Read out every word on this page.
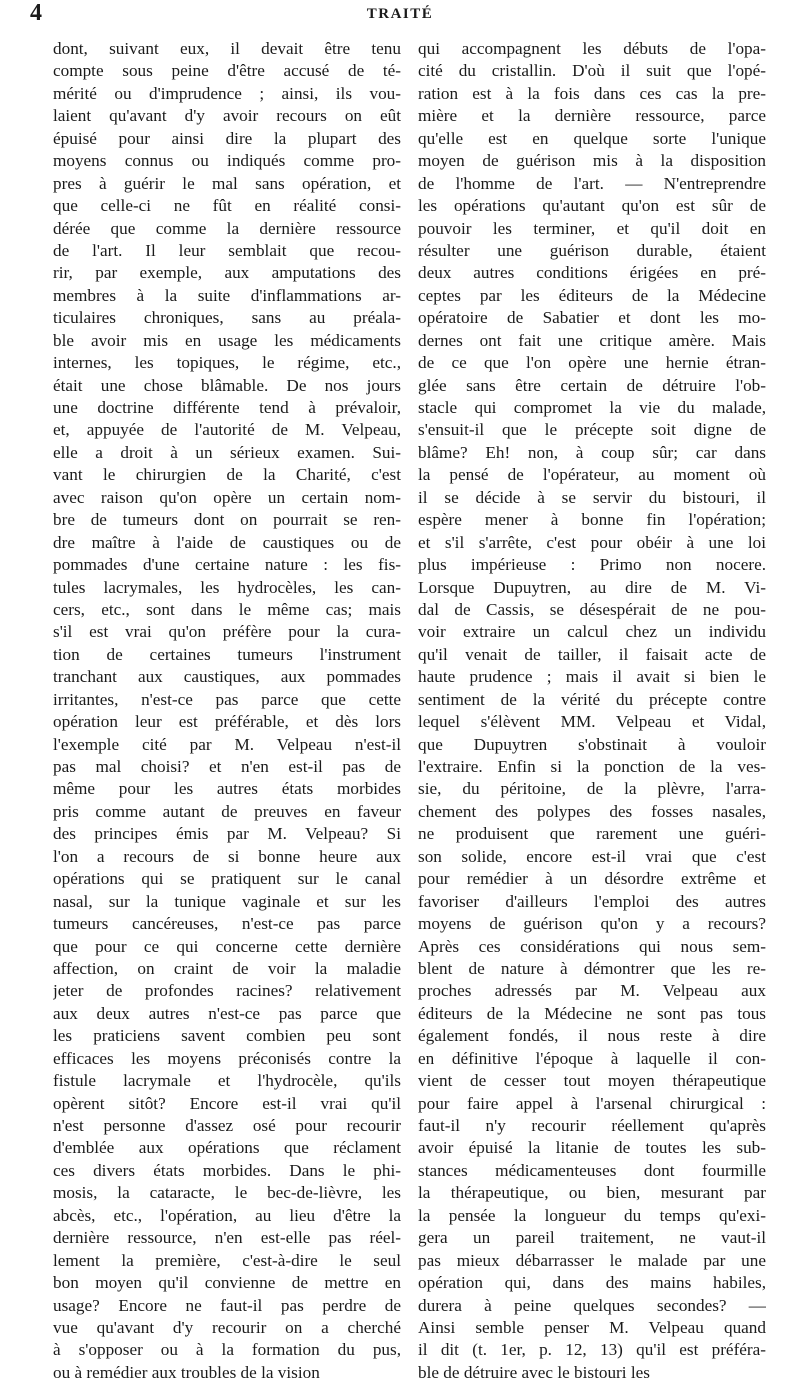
4	TRAITÉ
dont, suivant eux, il devait être tenu
compte sous peine d'être accusé de té-
mérité ou d'imprudence ; ainsi, ils vou-
laient qu'avant d'y avoir recours on eût
épuisé pour ainsi dire la plupart des
moyens connus ou indiqués comme pro-
pres à guérir le mal sans opération, et
que celle-ci ne fût en réalité consi-
dérée que comme la dernière ressource
de l'art. Il leur semblait que recou-
rir, par exemple, aux amputations des
membres à la suite d'inflammations ar-
ticulaires chroniques, sans au préala-
ble avoir mis en usage les médicaments
internes, les topiques, le régime, etc.,
était une chose blâmable. De nos jours
une doctrine différente tend à prévaloir,
et, appuyée de l'autorité de M. Velpeau,
elle a droit à un sérieux examen. Sui-
vant le chirurgien de la Charité, c'est
avec raison qu'on opère un certain nom-
bre de tumeurs dont on pourrait se ren-
dre maître à l'aide de caustiques ou de
pommades d'une certaine nature : les fis-
tules lacrymales, les hydrocèles, les can-
cers, etc., sont dans le même cas; mais
s'il est vrai qu'on préfère pour la cura-
tion de certaines tumeurs l'instrument
tranchant aux caustiques, aux pommades
irritantes, n'est-ce pas parce que cette
opération leur est préférable, et dès lors
l'exemple cité par M. Velpeau n'est-il
pas mal choisi? et n'en est-il pas de
même pour les autres états morbides
pris comme autant de preuves en faveur
des principes émis par M. Velpeau? Si
l'on a recours de si bonne heure aux
opérations qui se pratiquent sur le canal
nasal, sur la tunique vaginale et sur les
tumeurs cancéreuses, n'est-ce pas parce
que pour ce qui concerne cette dernière
affection, on craint de voir la maladie
jeter de profondes racines? relativement
aux deux autres n'est-ce pas parce que
les praticiens savent combien peu sont
efficaces les moyens préconisés contre la
fistule lacrymale et l'hydrocèle, qu'ils
opèrent sitôt? Encore est-il vrai qu'il
n'est personne d'assez osé pour recourir
d'emblée aux opérations que réclament
ces divers états morbides. Dans le phi-
mosis, la cataracte, le bec-de-lièvre, les
abcès, etc., l'opération, au lieu d'être la
dernière ressource, n'en est-elle pas réel-
lement la première, c'est-à-dire le seul
bon moyen qu'il convienne de mettre en
usage? Encore ne faut-il pas perdre de
vue qu'avant d'y recourir on a cherché
à s'opposer ou à la formation du pus,
ou à remédier aux troubles de la vision
qui accompagnent les débuts de l'opa-
cité du cristallin. D'où il suit que l'opé-
ration est à la fois dans ces cas la pre-
mière et la dernière ressource, parce
qu'elle est en quelque sorte l'unique
moyen de guérison mis à la disposition
de l'homme de l'art. — N'entreprendre
les opérations qu'autant qu'on est sûr de
pouvoir les terminer, et qu'il doit en
résulter une guérison durable, étaient
deux autres conditions érigées en pré-
ceptes par les éditeurs de la Médecine
opératoire de Sabatier et dont les mo-
dernes ont fait une critique amère. Mais
de ce que l'on opère une hernie étran-
glée sans être certain de détruire l'ob-
stacle qui compromet la vie du malade,
s'ensuit-il que le précepte soit digne de
blâme? Eh! non, à coup sûr; car dans
la pensé de l'opérateur, au moment où
il se décide à se servir du bistouri, il
espère mener à bonne fin l'opération;
et s'il s'arrête, c'est pour obéir à une loi
plus impérieuse : Primo non nocere.
Lorsque Dupuytren, au dire de M. Vi-
dal de Cassis, se désespérait de ne pou-
voir extraire un calcul chez un individu
qu'il venait de tailler, il faisait acte de
haute prudence ; mais il avait si bien le
sentiment de la vérité du précepte contre
lequel s'élèvent MM. Velpeau et Vidal,
que Dupuytren s'obstinait à vouloir
l'extraire. Enfin si la ponction de la ves-
sie, du péritoine, de la plèvre, l'arra-
chement des polypes des fosses nasales,
ne produisent que rarement une guéri-
son solide, encore est-il vrai que c'est
pour remédier à un désordre extrême et
favoriser d'ailleurs l'emploi des autres
moyens de guérison qu'on y a recours?
Après ces considérations qui nous sem-
blent de nature à démontrer que les re-
proches adressés par M. Velpeau aux
éditeurs de la Médecine ne sont pas tous
également fondés, il nous reste à dire
en définitive l'époque à laquelle il con-
vient de cesser tout moyen thérapeutique
pour faire appel à l'arsenal chirurgical :
faut-il n'y recourir réellement qu'après
avoir épuisé la litanie de toutes les sub-
stances médicamenteuses dont fourmille
la thérapeutique, ou bien, mesurant par
la pensée la longueur du temps qu'exi-
gera un pareil traitement, ne vaut-il
pas mieux débarrasser le malade par une
opération qui, dans des mains habiles,
durera à peine quelques secondes? —
Ainsi semble penser M. Velpeau quand
il dit (t. 1er, p. 12, 13) qu'il est préféra-
ble de détruire avec le bistouri les
